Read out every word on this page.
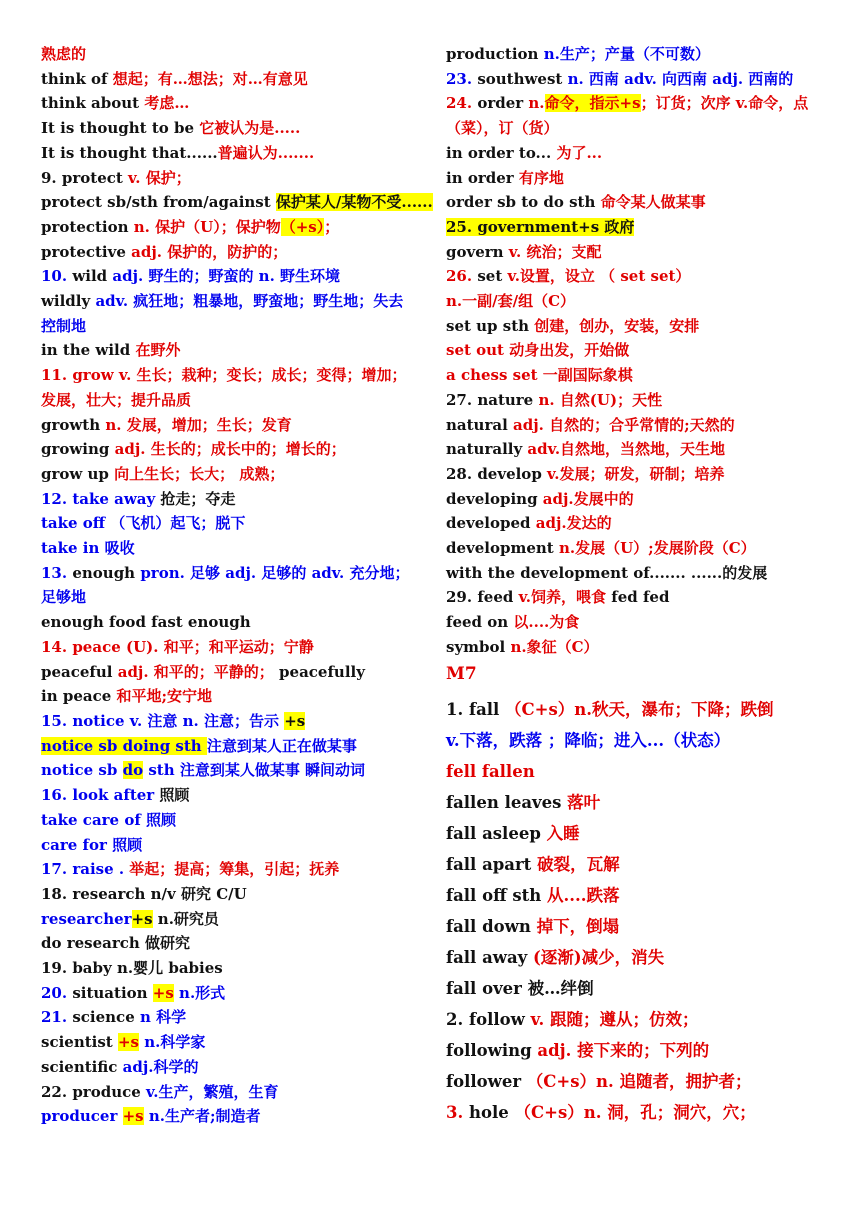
熟虑的
think of 想起；有…想法；对…有意见
think about 考虑…
It is thought to be 它被认为是.....
It is thought that......普遍认为.......
9. protect v. 保护；
protect sb/sth from/against 保护某人/某物不受......
protection n. 保护（U）；保护物（+s）；
protective adj. 保护的，防护的；
10. wild adj. 野生的；野蛮的 n. 野生环境
wildly adv. 疯狂地；粗暴地，野蛮地；野生地；失去
控制地
in the wild 在野外
11. grow v. 生长；栽种；变长；成长；变得；增加；
发展，壮大；提升品质
growth n. 发展，增加；生长；发育
growing adj. 生长的；成长中的；增长的；
grow up 向上生长；长大； 成熟；
12. take away 抢走；夺走
take off （飞机）起飞；脱下
take in 吸收
13. enough pron. 足够 adj. 足够的 adv. 充分地；
足够地
enough food fast enough
14. peace (U). 和平；和平运动；宁静
peaceful adj. 和平的；平静的； peacefully
in peace 和平地;安宁地
15. notice v. 注意 n. 注意；告示 +s
notice sb doing sth 注意到某人正在做某事
notice sb do sth 注意到某人做某事 瞬间动词
16. look after 照顾
take care of 照顾
care for 照顾
17. raise . 举起；提高；筹集，引起；抚养
18. research n/v 研究 C/U
researcher+s n.研究员
do research 做研究
19. baby n.婴儿 babies
20. situation +s n.形式
21. science n 科学
scientist +s n.科学家
scientific adj.科学的
22. produce v.生产，繁殖，生育
producer +s n.生产者;制造者
production n.生产；产量（不可数）
23. southwest n. 西南 adv. 向西南 adj. 西南的
24. order n.命令，指示+s；订货；次序 v.命令，点
（菜），订（货）
in order to... 为了...
in order 有序地
order sb to do sth 命令某人做某事
25. government+s 政府
govern v. 统治；支配
26. set v.设置，设立 （ set set）
n.一副/套/组（C）
set up sth 创建，创办，安装，安排
set out 动身出发，开始做
a chess set 一副国际象棋
27. nature n. 自然(U)；天性
natural adj. 自然的；合乎常情的;天然的
naturally adv.自然地，当然地，天生地
28. develop v.发展；研发，研制；培养
developing adj.发展中的
developed adj.发达的
development n.发展（U）;发展阶段（C）
with the development of....... ......的发展
29. feed v.饲养，喂食 fed fed
feed on 以....为食
symbol n.象征（C）
M7
1. fall （C+s）n.秋天，瀑布；下降；跌倒
v.下落，跌落 ；降临；进入...（状态）
fell fallen
fallen leaves 落叶
fall asleep 入睡
fall apart 破裂，瓦解
fall off sth 从....跌落
fall down 掉下，倒塌
fall away (逐渐)减少，消失
fall over 被…绊倒
2. follow v. 跟随；遵从；仿效；
following adj. 接下来的；下列的
follower （C+s）n. 追随者，拥护者；
3. hole （C+s）n. 洞，孔；洞穴，穴；
